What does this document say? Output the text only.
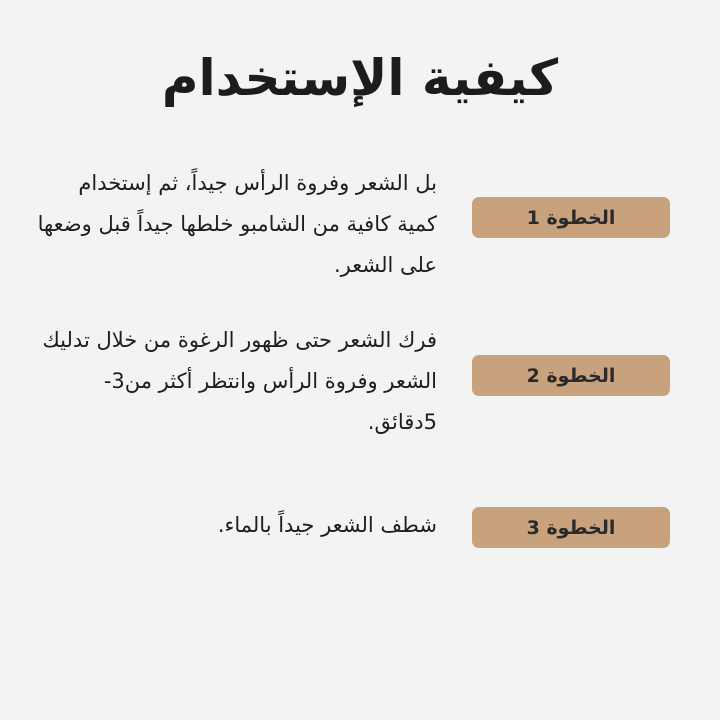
كيفية الإستخدام
الخطوة 1

بل الشعر وفروة الرأس جيداً، ثم إستخدام كمية كافية من الشامبو خلطها جيداً قبل وضعها على الشعر.

الخطوة 2

فرك الشعر حتى ظهور الرغوة من خلال تدليك الشعر وفروة الرأس وانتظر أكثر من3-5دقائق.

الخطوة 3

شطف الشعر جيداً بالماء.
